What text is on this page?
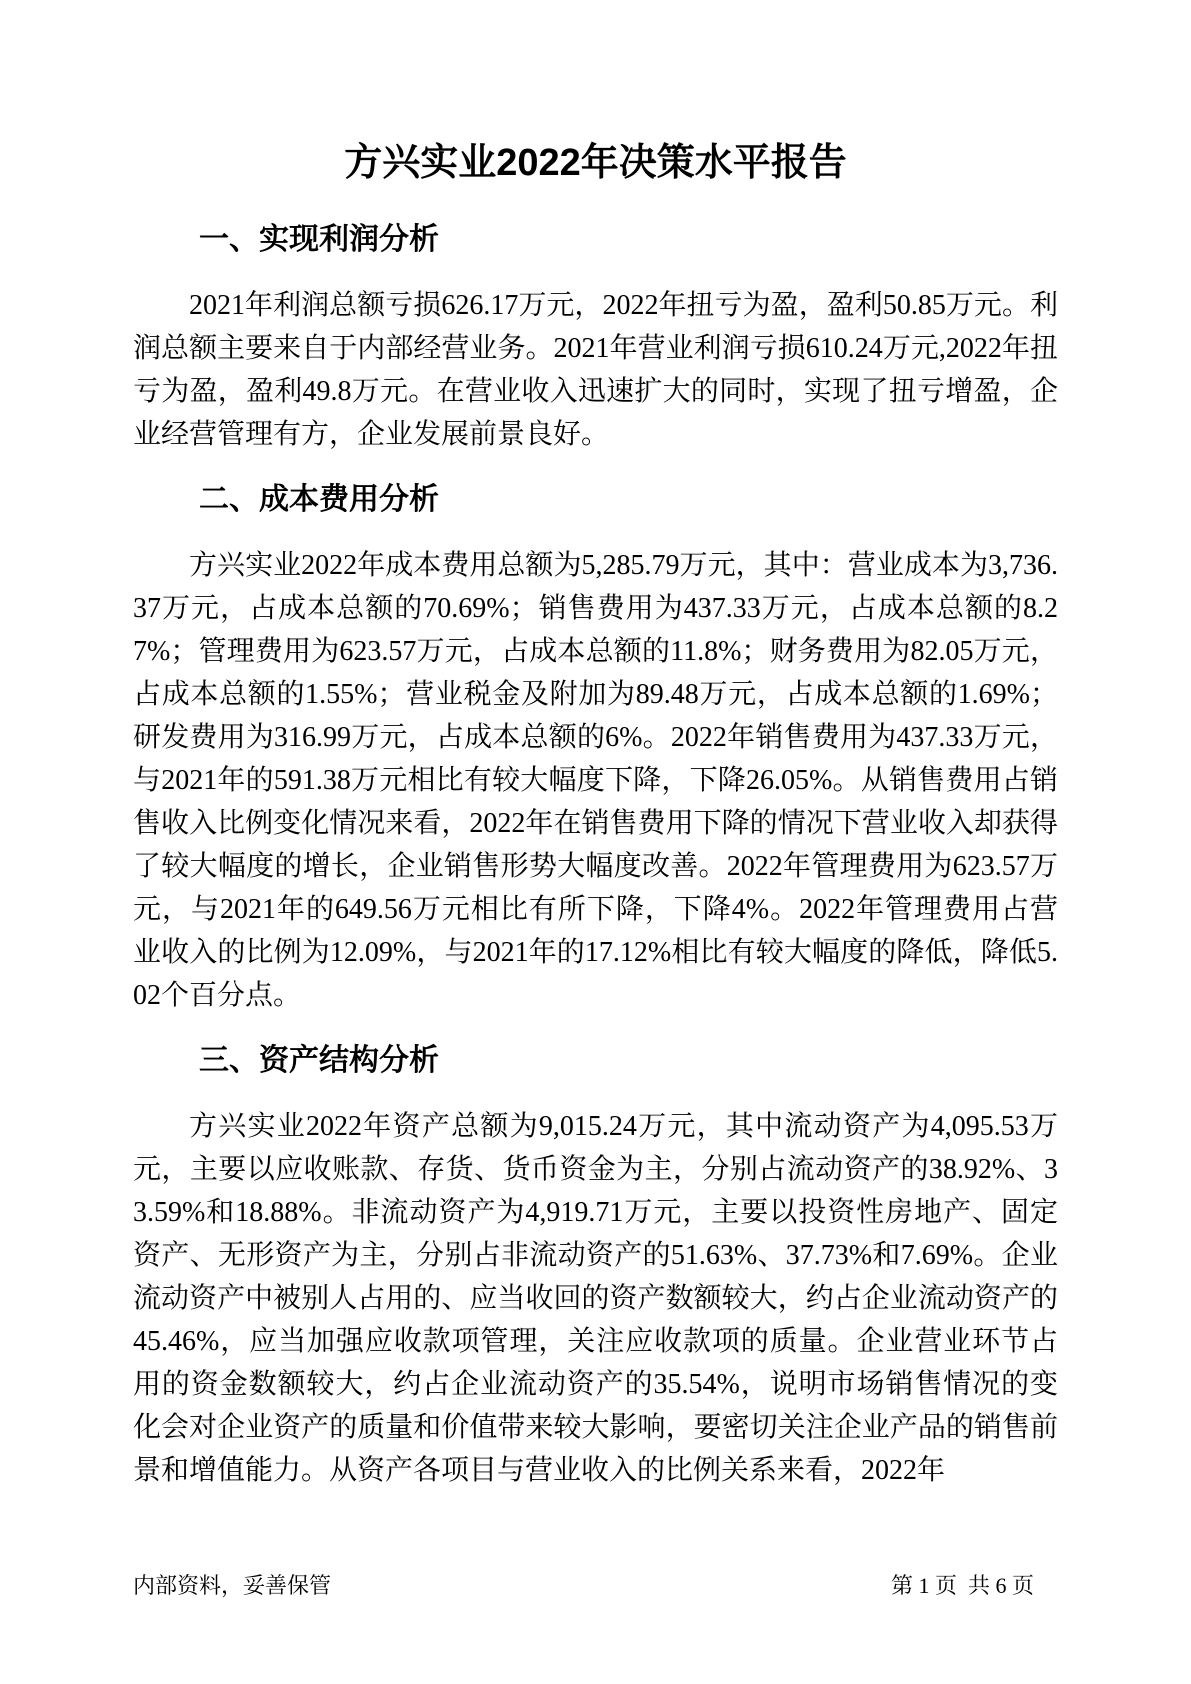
方兴实业2022年决策水平报告
一、实现利润分析

2021年利润总额亏损626.17万元，2022年扭亏为盈，盈利50.85万元。利润总额主要来自于内部经营业务。2021年营业利润亏损610.24万元,2022年扭亏为盈，盈利49.8万元。在营业收入迅速扩大的同时，实现了扭亏增盈，企业经营管理有方，企业发展前景良好。

二、成本费用分析

方兴实业2022年成本费用总额为5,285.79万元，其中：营业成本为3,736.37万元，占成本总额的70.69%；销售费用为437.33万元，占成本总额的8.27%；管理费用为623.57万元，占成本总额的11.8%；财务费用为82.05万元，占成本总额的1.55%；营业税金及附加为89.48万元，占成本总额的1.69%；研发费用为316.99万元，占成本总额的6%。2022年销售费用为437.33万元，与2021年的591.38万元相比有较大幅度下降，下降26.05%。从销售费用占销售收入比例变化情况来看，2022年在销售费用下降的情况下营业收入却获得了较大幅度的增长，企业销售形势大幅度改善。2022年管理费用为623.57万元，与2021年的649.56万元相比有所下降，下降4%。2022年管理费用占营业收入的比例为12.09%，与2021年的17.12%相比有较大幅度的降低，降低5.02个百分点。

三、资产结构分析

方兴实业2022年资产总额为9,015.24万元，其中流动资产为4,095.53万元，主要以应收账款、存货、货币资金为主，分别占流动资产的38.92%、33.59%和18.88%。非流动资产为4,919.71万元，主要以投资性房地产、固定资产、无形资产为主，分别占非流动资产的51.63%、37.73%和7.69%。企业流动资产中被别人占用的、应当收回的资产数额较大，约占企业流动资产的45.46%，应当加强应收款项管理，关注应收款项的质量。企业营业环节占用的资金数额较大，约占企业流动资产的35.54%，说明市场销售情况的变化会对企业资产的质量和价值带来较大影响，要密切关注企业产品的销售前景和增值能力。从资产各项目与营业收入的比例关系来看，2022年

内部资料，妥善保管	第 1 页  共 6 页
